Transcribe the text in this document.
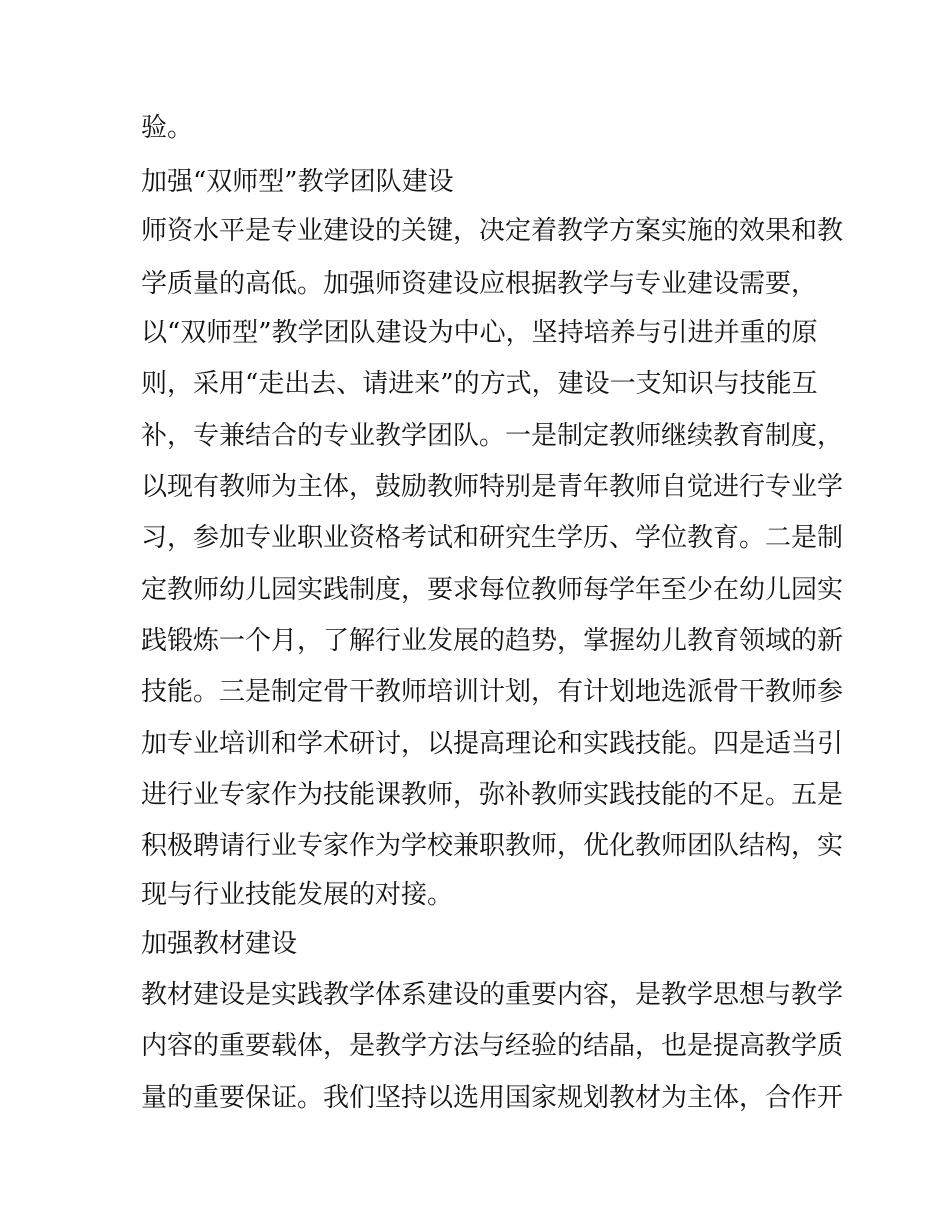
验。
加强“双师型”教学团队建设
师资水平是专业建设的关键，决定着教学方案实施的效果和教
学质量的高低。加强师资建设应根据教学与专业建设需要，
以“双师型”教学团队建设为中心，坚持培养与引进并重的原
则，采用“走出去、请进来”的方式，建设一支知识与技能互
补，专兼结合的专业教学团队。一是制定教师继续教育制度，
以现有教师为主体，鼓励教师特别是青年教师自觉进行专业学
习，参加专业职业资格考试和研究生学历、学位教育。二是制
定教师幼儿园实践制度，要求每位教师每学年至少在幼儿园实
践锻炼一个月，了解行业发展的趋势，掌握幼儿教育领域的新
技能。三是制定骨干教师培训计划，有计划地选派骨干教师参
加专业培训和学术研讨，以提高理论和实践技能。四是适当引
进行业专家作为技能课教师，弥补教师实践技能的不足。五是
积极聘请行业专家作为学校兼职教师，优化教师团队结构，实
现与行业技能发展的对接。
加强教材建设
教材建设是实践教学体系建设的重要内容，是教学思想与教学
内容的重要载体，是教学方法与经验的结晶，也是提高教学质
量的重要保证。我们坚持以选用国家规划教材为主体，合作开
